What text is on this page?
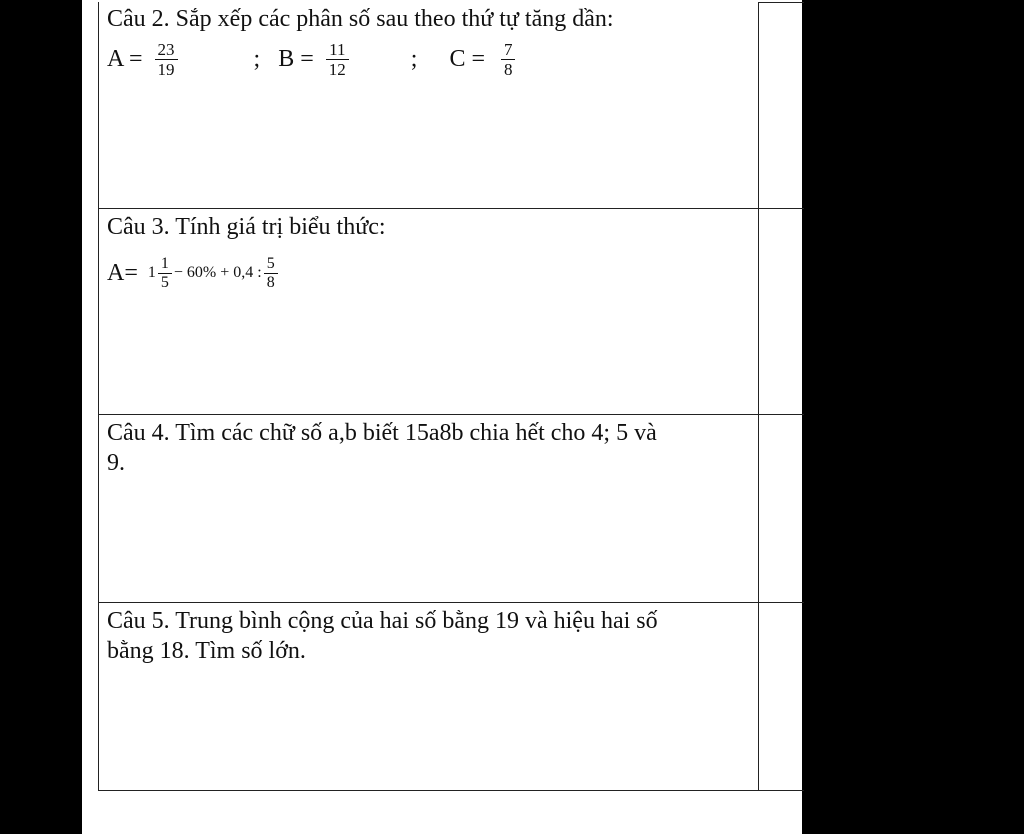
Câu 2. Sắp xếp các phân số sau theo thứ tự tăng dần:
$A = \frac{23}{19}$	; $B = \frac{11}{12}$	; $C = \frac{7}{8}$
Câu 3. Tính giá trị biểu thức:
$A= 1 \frac{1}{5} - 60\% + 0,4$ : $\frac{5}{8}$
Câu 4. Tìm các chữ số a,b biết 15a8b chia hết cho 4; 5 và
9.
Câu 5. Trung bình cộng của hai số bằng 19 và hiệu hai số
bằng 18. Tìm số lớn.
